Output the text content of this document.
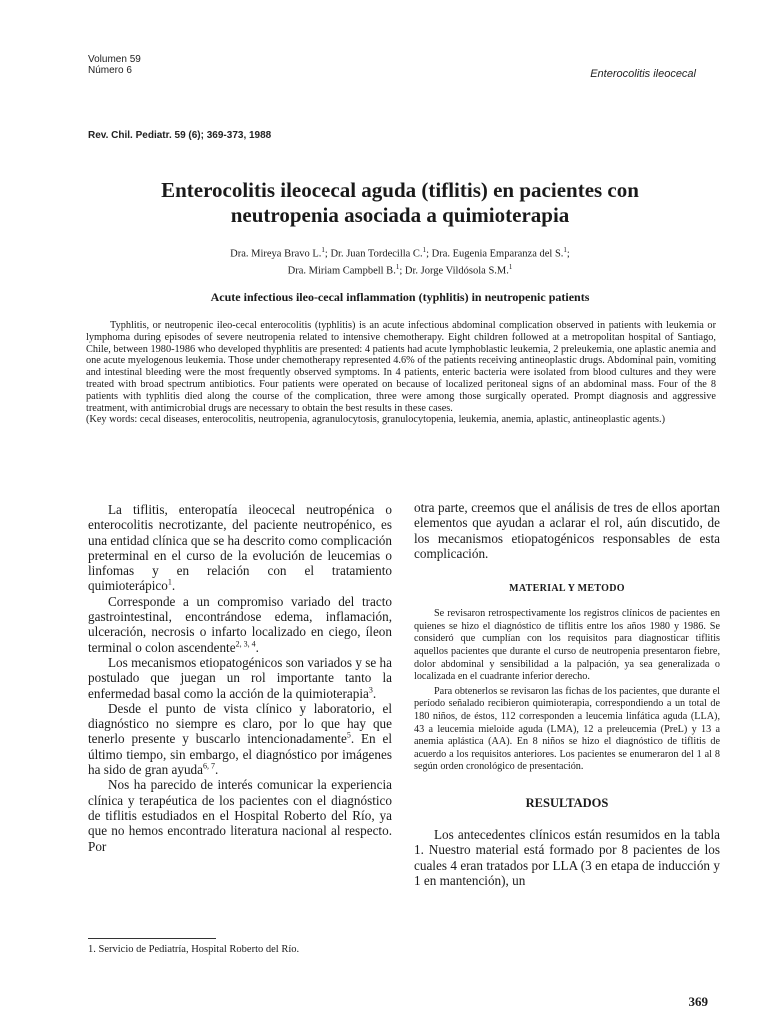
Volumen 59
Número 6	Enterocolitis ileocecal
Rev. Chil. Pediatr. 59 (6); 369-373, 1988
Enterocolitis ileocecal aguda (tiflitis) en pacientes con
neutropenia asociada a quimioterapia
Dra. Mireya Bravo L.$^1$; Dr. Juan Tordecilla C.$^1$; Dra. Eugenia Emparanza del S.$^1$;
Dra. Miriam Campbell B.$^1$; Dr. Jorge Vildósola S.M.$^1$
Acute infectious ileo-cecal inflammation (typhlitis) in neutropenic patients

Typhlitis, or neutropenic ileo-cecal enterocolitis (typhlitis) is an acute infectious abdominal complication observed in patients with leukemia or lymphoma during episodes of severe neutropenia related to intensive chemotherapy. Eight children followed at a metropolitan hospital of Santiago, Chile, between 1980-1986 who developed thyphlitis are presented: 4 patients had acute lymphoblastic leukemia, 2 preleukemia, one aplastic anemia and one acute myelogenous leukemia. Those under chemotherapy represented 4.6% of the patients receiving antineoplastic drugs. Abdominal pain, vomiting and intestinal bleeding were the most frequently observed symptoms. In 4 patients, enteric bacteria were isolated from blood cultures and they were treated with broad spectrum antibiotics. Four patients were operated on because of localized peritoneal signs of an abdominal mass. Four of the 8 patients with typhlitis died along the course of the complication, three were among those surgically operated. Prompt diagnosis and aggressive treatment, with antimicrobial drugs are necessary to obtain the best results in these cases.

(Key words: cecal diseases, enterocolitis, neutropenia, agranulocytosis, granulocytopenia, leukemia, anemia, aplastic, antineoplastic agents.)

La tiflitis, enteropatía ileocecal neutropénica o enterocolitis necrotizante, del paciente neutropénico, es una entidad clínica que se ha descrito como complicación preterminal en el curso de la evolución de leucemias o linfomas y en relación con el tratamiento quimioterápico$^1$.

Corresponde a un compromiso variado del tracto gastrointestinal, encontrándose edema, inflamación, ulceración, necrosis o infarto localizado en ciego, íleon terminal o colon ascendente$^{2, 3, 4}$.

Los mecanismos etiopatogénicos son variados y se ha postulado que juegan un rol importante tanto la enfermedad basal como la acción de la quimioterapia$^3$.

Desde el punto de vista clínico y laboratorio, el diagnóstico no siempre es claro, por lo que hay que tenerlo presente y buscarlo intencionadamente$^5$. En el último tiempo, sin embargo, el diagnóstico por imágenes ha sido de gran ayuda$^{6, 7}$.

Nos ha parecido de interés comunicar la experiencia clínica y terapéutica de los pacientes con el diagnóstico de tiflitis estudiados en el Hospital Roberto del Río, ya que no hemos encontrado literatura nacional al respecto. Por

1. Servicio de Pediatría, Hospital Roberto del Río.

otra parte, creemos que el análisis de tres de ellos aportan elementos que ayudan a aclarar el rol, aún discutido, de los mecanismos etiopatogénicos responsables de esta complicación.

MATERIAL Y METODO

Se revisaron retrospectivamente los registros clínicos de pacientes en quienes se hizo el diagnóstico de tiflitis entre los años 1980 y 1986. Se consideró que cumplían con los requisitos para diagnosticar tiflitis aquellos pacientes que durante el curso de neutropenia presentaron fiebre, dolor abdominal y sensibilidad a la palpación, ya sea generalizada o localizada en el cuadrante inferior derecho.

Para obtenerlos se revisaron las fichas de los pacientes, que durante el período señalado recibieron quimioterapia, correspondiendo a un total de 180 niños, de éstos, 112 corresponden a leucemia linfática aguda (LLA), 43 a leucemia mieloide aguda (LMA), 12 a preleucemia (PreL) y 13 a anemia aplástica (AA). En 8 niños se hizo el diagnóstico de tiflitis de acuerdo a los requisitos anteriores. Los pacientes se enumeraron del 1 al 8 según orden cronológico de presentación.

RESULTADOS

Los antecedentes clínicos están resumidos en la tabla 1. Nuestro material está formado por 8 pacientes de los cuales 4 eran tratados por LLA (3 en etapa de inducción y 1 en mantención), un

369
